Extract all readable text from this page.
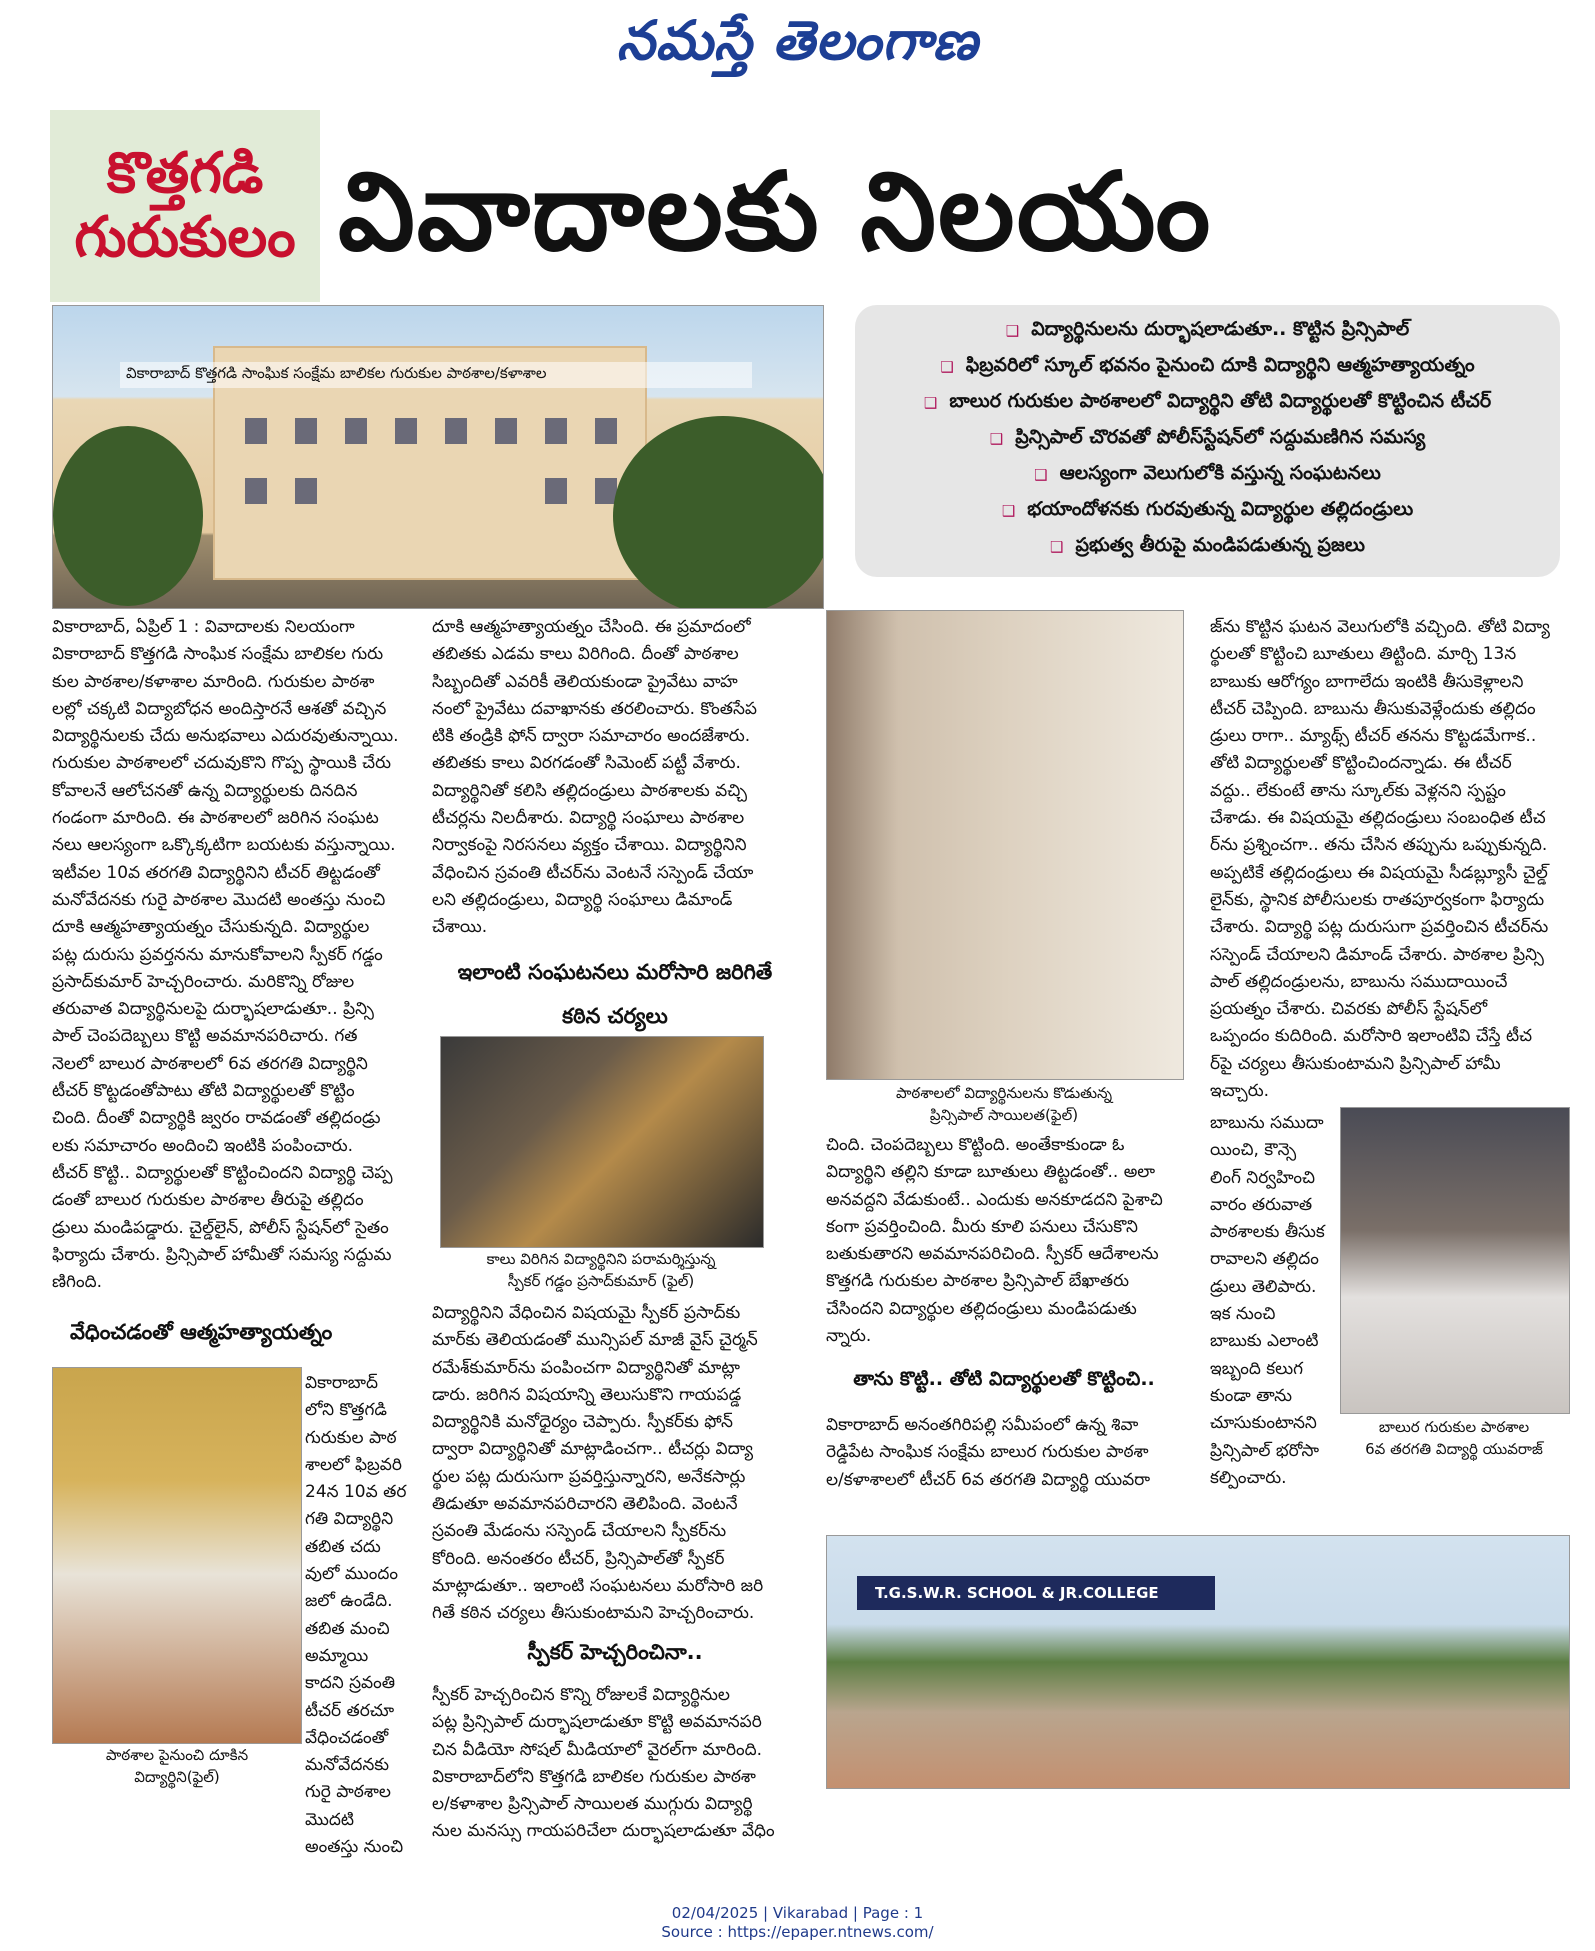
నమస్తే తెలంగాణ
కొత్తగడి
గురుకులం వివాదాలకు నిలయం
వికారాబాద్ కొత్తగడి సాంఘిక సంక్షేమ బాలికల గురుకుల పాఠశాల/కళాశాల
❑ విద్యార్థినులను దుర్భాషలాడుతూ.. కొట్టిన ప్రిన్సిపాల్
❑ ఫిబ్రవరిలో స్కూల్ భవనం పైనుంచి దూకి విద్యార్థిని ఆత్మహత్యాయత్నం
❑ బాలుర గురుకుల పాఠశాలలో విద్యార్థిని తోటి విద్యార్థులతో కొట్టించిన టీచర్
❑ ప్రిన్సిపాల్ చొరవతో పోలీస్‌స్టేషన్‌లో సద్దుమణిగిన సమస్య
❑ ఆలస్యంగా వెలుగులోకి వస్తున్న సంఘటనలు
❑ భయాందోళనకు గురవుతున్న విద్యార్థుల తల్లిదండ్రులు
❑ ప్రభుత్వ తీరుపై మండిపడుతున్న ప్రజలు
వికారాబాద్, ఏప్రిల్ 1 : వివాదాలకు నిలయంగా
వికారాబాద్ కొత్తగడి సాంఘిక సంక్షేమ బాలికల గురు
కుల పాఠశాల/కళాశాల మారింది. గురుకుల పాఠశా
లల్లో చక్కటి విద్యాబోధన అందిస్తారనే ఆశతో వచ్చిన
విద్యార్థినులకు చేదు అనుభవాలు ఎదురవుతున్నాయి.
గురుకుల పాఠశాలలో చదువుకొని గొప్ప స్థాయికి చేరు
కోవాలనే ఆలోచనతో ఉన్న విద్యార్థులకు దినదిన
గండంగా మారింది. ఈ పాఠశాలలో జరిగిన సంఘట
నలు ఆలస్యంగా ఒక్కొక్కటిగా బయటకు వస్తున్నాయి.
ఇటీవల 10వ తరగతి విద్యార్థినిని టీచర్ తిట్టడంతో
మనోవేదనకు గురై పాఠశాల మొదటి అంతస్తు నుంచి
దూకి ఆత్మహత్యాయత్నం చేసుకున్నది. విద్యార్థుల
పట్ల దురుసు ప్రవర్తనను మానుకోవాలని స్పీకర్ గడ్డం
ప్రసాద్‌కుమార్ హెచ్చరించారు. మరికొన్ని రోజుల
తరువాత విద్యార్థినులపై దుర్భాషలాడుతూ.. ప్రిన్సి
పాల్ చెంపదెబ్బలు కొట్టి అవమానపరిచారు. గత
నెలలో బాలుర పాఠశాలలో 6వ తరగతి విద్యార్థిని
టీచర్ కొట్టడంతోపాటు తోటి విద్యార్థులతో కొట్టిం
చింది. దీంతో విద్యార్థికి జ్వరం రావడంతో తల్లిదండ్రు
లకు సమాచారం అందించి ఇంటికి పంపించారు.
టీచర్ కొట్టి.. విద్యార్థులతో కొట్టించిందని విద్యార్థి చెప్ప
డంతో బాలుర గురుకుల పాఠశాల తీరుపై తల్లిదం
డ్రులు మండిపడ్డారు. చైల్డ్‌లైన్, పోలీస్ స్టేషన్‌లో సైతం
ఫిర్యాదు చేశారు. ప్రిన్సిపాల్ హామీతో సమస్య సద్దుమ
ణిగింది.
వేధించడంతో ఆత్మహత్యాయత్నం
పాఠశాల పైనుంచి దూకిన
విద్యార్థిని(ఫైల్)
వికారాబాద్
లోని కొత్తగడి
గురుకుల పాఠ
శాలలో ఫిబ్రవరి
24న 10వ తర
గతి విద్యార్థిని
తబిత చదు
వులో ముందం
జలో ఉండేది.
తబిత మంచి
అమ్మాయి
కాదని స్రవంతి
టీచర్ తరచూ
వేధించడంతో
మనోవేదనకు
గురై పాఠశాల
మొదటి
అంతస్తు నుంచి
దూకి ఆత్మహత్యాయత్నం చేసింది. ఈ ప్రమాదంలో
తబితకు ఎడమ కాలు విరిగింది. దీంతో పాఠశాల
సిబ్బందితో ఎవరికీ తెలియకుండా ప్రైవేటు వాహ
నంలో ప్రైవేటు దవాఖానకు తరలించారు. కొంతసేప
టికి తండ్రికి ఫోన్ ద్వారా సమాచారం అందజేశారు.
తబితకు కాలు విరగడంతో సిమెంట్ పట్టీ వేశారు.
విద్యార్థినితో కలిసి తల్లిదండ్రులు పాఠశాలకు వచ్చి
టీచర్లను నిలదీశారు. విద్యార్థి సంఘాలు పాఠశాల
నిర్వాకంపై నిరసనలు వ్యక్తం చేశాయి. విద్యార్థినిని
వేధించిన స్రవంతి టీచర్‌ను వెంటనే సస్పెండ్ చేయా
లని తల్లిదండ్రులు, విద్యార్థి సంఘాలు డిమాండ్
చేశాయి.
ఇలాంటి సంఘటనలు మరోసారి జరిగితే
కఠిన చర్యలు
కాలు విరిగిన విద్యార్థినిని పరామర్శిస్తున్న
స్పీకర్ గడ్డం ప్రసాద్‌కుమార్ (ఫైల్)
విద్యార్థినిని వేధించిన విషయమై స్పీకర్ ప్రసాద్‌కు
మార్‌కు తెలియడంతో మున్సిపల్ మాజీ వైస్ చైర్మన్
రమేశ్‌కుమార్‌ను పంపించగా విద్యార్థినితో మాట్లా
డారు. జరిగిన విషయాన్ని తెలుసుకొని గాయపడ్డ
విద్యార్థినికి మనోధైర్యం చెప్పారు. స్పీకర్‌కు ఫోన్
ద్వారా విద్యార్థినితో మాట్లాడించగా.. టీచర్లు విద్యా
ర్థుల పట్ల దురుసుగా ప్రవర్తిస్తున్నారని, అనేకసార్లు
తిడుతూ అవమానపరిచారని తెలిపింది. వెంటనే
స్రవంతి మేడంను సస్పెండ్ చేయాలని స్పీకర్‌ను
కోరింది. అనంతరం టీచర్, ప్రిన్సిపాల్‌తో స్పీకర్
మాట్లాడుతూ.. ఇలాంటి సంఘటనలు మరోసారి జరి
గితే కఠిన చర్యలు తీసుకుంటామని హెచ్చరించారు.
స్పీకర్ హెచ్చరించినా..
స్పీకర్ హెచ్చరించిన కొన్ని రోజులకే విద్యార్థినుల
పట్ల ప్రిన్సిపాల్ దుర్భాషలాడుతూ కొట్టి అవమానపరి
చిన వీడియో సోషల్ మీడియాలో వైరల్‌గా మారింది.
వికారాబాద్‌లోని కొత్తగడి బాలికల గురుకుల పాఠశా
ల/కళాశాల ప్రిన్సిపాల్ సాయిలత ముగ్గురు విద్యార్థి
నుల మనస్సు గాయపరిచేలా దుర్భాషలాడుతూ వేధిం
పాఠశాలలో విద్యార్థినులను కొడుతున్న
ప్రిన్సిపాల్ సాయిలత(ఫైల్)
చింది. చెంపదెబ్బలు కొట్టింది. అంతేకాకుండా ఓ
విద్యార్థిని తల్లిని కూడా బూతులు తిట్టడంతో.. అలా
అనవద్దని వేడుకుంటే.. ఎందుకు అనకూడదని పైశాచి
కంగా ప్రవర్తించింది. మీరు కూలి పనులు చేసుకొని
బతుకుతారని అవమానపరిచింది. స్పీకర్ ఆదేశాలను
కొత్తగడి గురుకుల పాఠశాల ప్రిన్సిపాల్ బేఖాతరు
చేసిందని విద్యార్థుల తల్లిదండ్రులు మండిపడుతు
న్నారు.
తాను కొట్టి.. తోటి విద్యార్థులతో కొట్టించి..
వికారాబాద్ అనంతగిరిపల్లి సమీపంలో ఉన్న శివా
రెడ్డిపేట సాంఘిక సంక్షేమ బాలుర గురుకుల పాఠశా
ల/కళాశాలలో టీచర్ 6వ తరగతి విద్యార్థి యువరా
జ్‌ను కొట్టిన ఘటన వెలుగులోకి వచ్చింది. తోటి విద్యా
ర్థులతో కొట్టించి బూతులు తిట్టింది. మార్చి 13న
బాబుకు ఆరోగ్యం బాగాలేదు ఇంటికి తీసుకెళ్లాలని
టీచర్ చెప్పింది. బాబును తీసుకువెళ్లేందుకు తల్లిదం
డ్రులు రాగా.. మ్యాథ్స్ టీచర్ తనను కొట్టడమేగాక..
తోటి విద్యార్థులతో కొట్టించిందన్నాడు. ఈ టీచర్
వద్దు.. లేకుంటే తాను స్కూల్‌కు వెళ్లనని స్పష్టం
చేశాడు. ఈ విషయమై తల్లిదండ్రులు సంబంధిత టీచ
ర్‌ను ప్రశ్నించగా.. తను చేసిన తప్పును ఒప్పుకున్నది.
అప్పటికే తల్లిదండ్రులు ఈ విషయమై సీడబ్ల్యూసీ చైల్డ్
లైన్‌కు, స్థానిక పోలీసులకు రాతపూర్వకంగా ఫిర్యాదు
చేశారు. విద్యార్థి పట్ల దురుసుగా ప్రవర్తించిన టీచర్‌ను
సస్పెండ్ చేయాలని డిమాండ్ చేశారు. పాఠశాల ప్రిన్సి
పాల్ తల్లిదండ్రులను, బాబును సముదాయించే
ప్రయత్నం చేశారు. చివరకు పోలీస్ స్టేషన్‌లో
ఒప్పందం కుదిరింది. మరోసారి ఇలాంటివి చేస్తే టీచ
ర్‌పై చర్యలు తీసుకుంటామని ప్రిన్సిపాల్ హామీ
ఇచ్చారు.
బాబును సముదా
యించి, కౌన్సె
లింగ్ నిర్వహించి
వారం తరువాత
పాఠశాలకు తీసుక
రావాలని తల్లిదం
డ్రులు తెలిపారు.
ఇక నుంచి
బాబుకు ఎలాంటి
ఇబ్బంది కలుగ
కుండా తాను
చూసుకుంటానని
ప్రిన్సిపాల్ భరోసా
కల్పించారు.
బాలుర గురుకుల పాఠశాల
6వ తరగతి విద్యార్థి యువరాజ్
T.G.S.W.R. SCHOOL & JR.COLLEGE
02/04/2025 | Vikarabad | Page : 1
Source : https://epaper.ntnews.com/
